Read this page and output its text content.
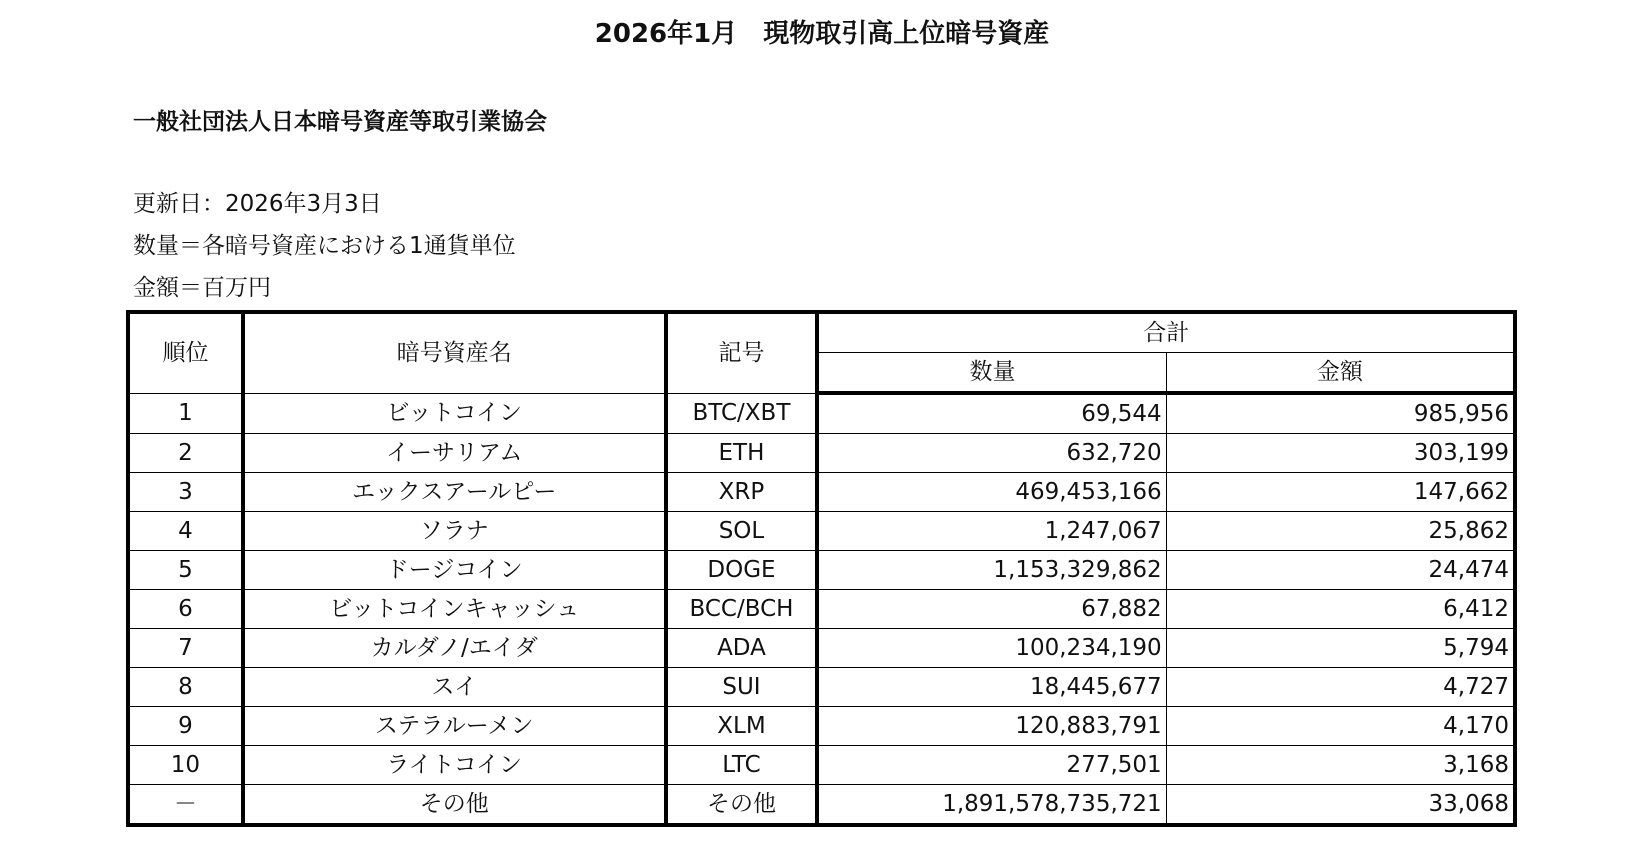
2026年1月　現物取引高上位暗号資産
一般社団法人日本暗号資産等取引業協会
更新日：2026年3月3日
数量＝各暗号資産における1通貨単位
金額＝百万円
順位	暗号資産名	記号	合計	
			数量	金額
1	ビットコイン	BTC/XBT	69,544	985,956
2	イーサリアム	ETH	632,720	303,199
3	エックスアールピー	XRP	469,453,166	147,662
4	ソラナ	SOL	1,247,067	25,862
5	ドージコイン	DOGE	1,153,329,862	24,474
6	ビットコインキャッシュ	BCC/BCH	67,882	6,412
7	カルダノ/エイダ	ADA	100,234,190	5,794
8	スイ	SUI	18,445,677	4,727
9	ステラルーメン	XLM	120,883,791	4,170
10	ライトコイン	LTC	277,501	3,168
－	その他	その他	1,891,578,735,721	33,068
